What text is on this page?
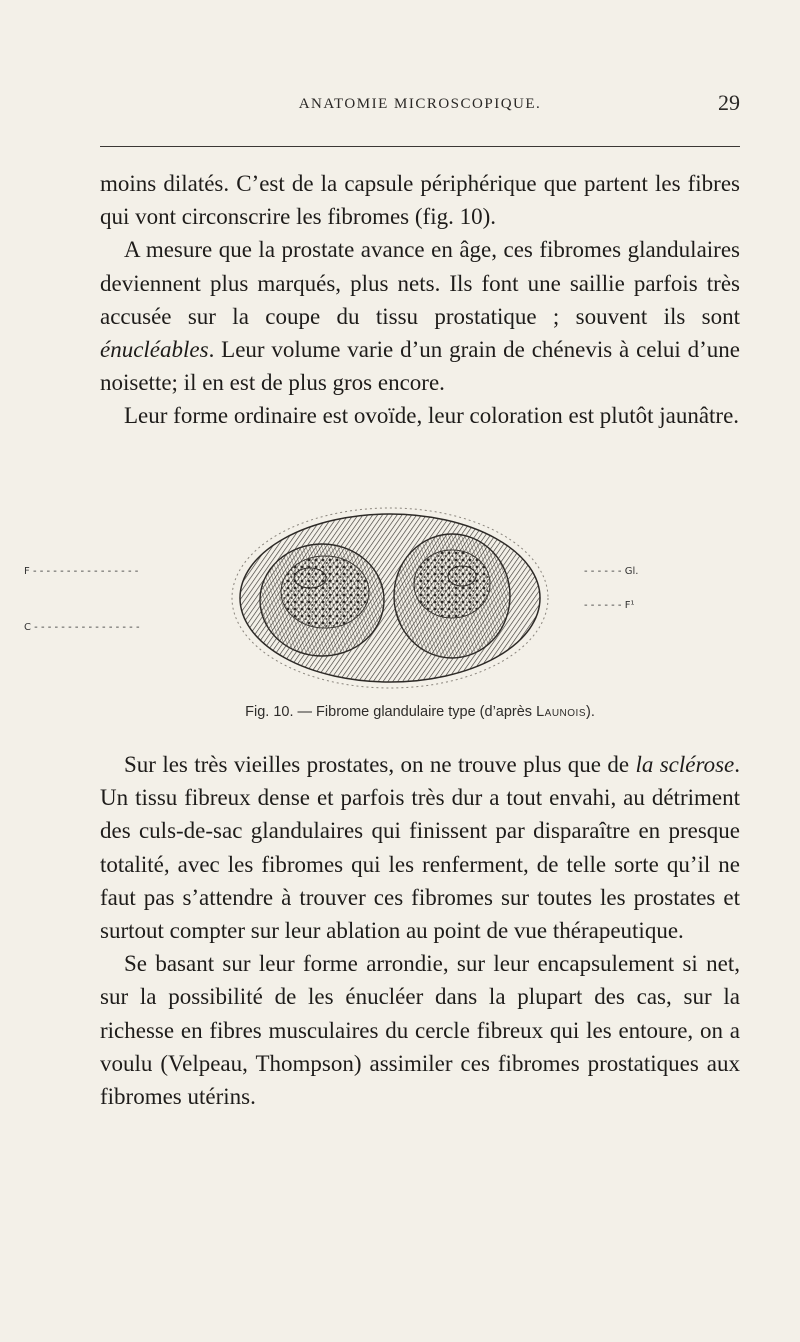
ANATOMIE MICROSCOPIQUE.	29

moins dilatés. C’est de la capsule périphérique que partent les fibres qui vont circonscrire les fibromes (fig. 10).

A mesure que la prostate avance en âge, ces fibromes glandulaires deviennent plus marqués, plus nets. Ils font une saillie parfois très accusée sur la coupe du tissu prostatique ; souvent ils sont énucléables. Leur volume varie d’un grain de chénevis à celui d’une noisette; il en est de plus gros encore.

Leur forme ordinaire est ovoïde, leur coloration est plutôt jaunâtre.

F - - - - - - - - - - - - - - - -
C - - - - - - - - - - - - - - - -
- - - - - - Gl.
- - - - - - F¹
Fig. 10. — Fibrome glandulaire type (d’après Launois).

Sur les très vieilles prostates, on ne trouve plus que de la sclérose. Un tissu fibreux dense et parfois très dur a tout envahi, au détriment des culs-de-sac glandulaires qui finissent par disparaître en presque totalité, avec les fibromes qui les renferment, de telle sorte qu’il ne faut pas s’attendre à trouver ces fibromes sur toutes les prostates et surtout compter sur leur ablation au point de vue thérapeutique.

Se basant sur leur forme arrondie, sur leur encapsulement si net, sur la possibilité de les énucléer dans la plupart des cas, sur la richesse en fibres musculaires du cercle fibreux qui les entoure, on a voulu (Velpeau, Thompson) assimiler ces fibromes prostatiques aux fibromes utérins.
